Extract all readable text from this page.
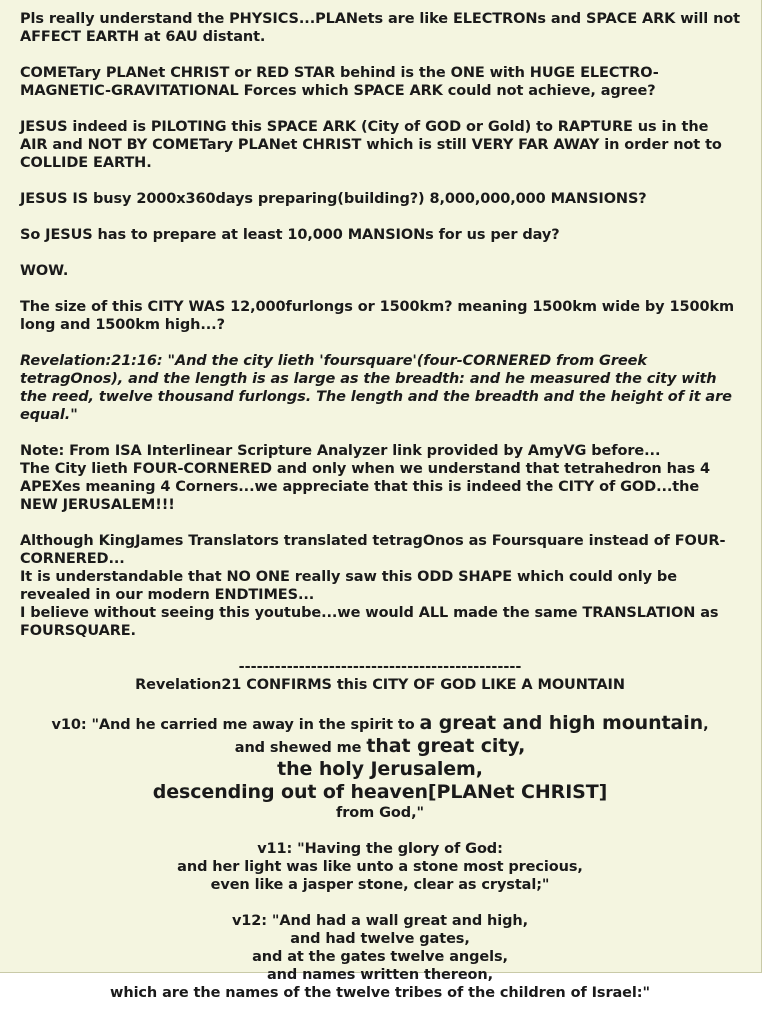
Pls really understand the PHYSICS...PLANets are like ELECTRONs and SPACE ARK will not AFFECT EARTH at 6AU distant.

COMETary PLANet CHRIST or RED STAR behind is the ONE with HUGE ELECTRO-MAGNETIC-GRAVITATIONAL Forces which SPACE ARK could not achieve, agree?

JESUS indeed is PILOTING this SPACE ARK (City of GOD or Gold) to RAPTURE us in the AIR and NOT BY COMETary PLANet CHRIST which is still VERY FAR AWAY in order not to COLLIDE EARTH.

JESUS IS busy 2000x360days preparing(building?) 8,000,000,000 MANSIONS?

So JESUS has to prepare at least 10,000 MANSIONs for us per day?

WOW.

The size of this CITY WAS 12,000furlongs or 1500km? meaning 1500km wide by 1500km long and 1500km high...?

Revelation:21:16: "And the city lieth 'foursquare'(four-CORNERED from Greek tetragOnos), and the length is as large as the breadth: and he measured the city with the reed, twelve thousand furlongs. The length and the breadth and the height of it are equal."

Note: From ISA Interlinear Scripture Analyzer link provided by AmyVG before...
The City lieth FOUR-CORNERED and only when we understand that tetrahedron has 4 APEXes meaning 4 Corners...we appreciate that this is indeed the CITY of GOD...the NEW JERUSALEM!!!
Although KingJames Translators translated tetragOnos as Foursquare instead of FOUR-CORNERED...
It is understandable that NO ONE really saw this ODD SHAPE which could only be revealed in our modern ENDTIMES...
I believe without seeing this youtube...we would ALL made the same TRANSLATION as FOURSQUARE.
-----------------------------------------------
Revelation21 CONFIRMS this CITY OF GOD LIKE A MOUNTAIN
v10: "And he carried me away in the spirit to a great and high mountain,
and shewed me that great city,
the holy Jerusalem,
descending out of heaven[PLANet CHRIST]
from God,"
v11: "Having the glory of God:
and her light was like unto a stone most precious,
even like a jasper stone, clear as crystal;"
v12: "And had a wall great and high,
and had twelve gates,
and at the gates twelve angels,
and names written thereon,
which are the names of the twelve tribes of the children of Israel:"
